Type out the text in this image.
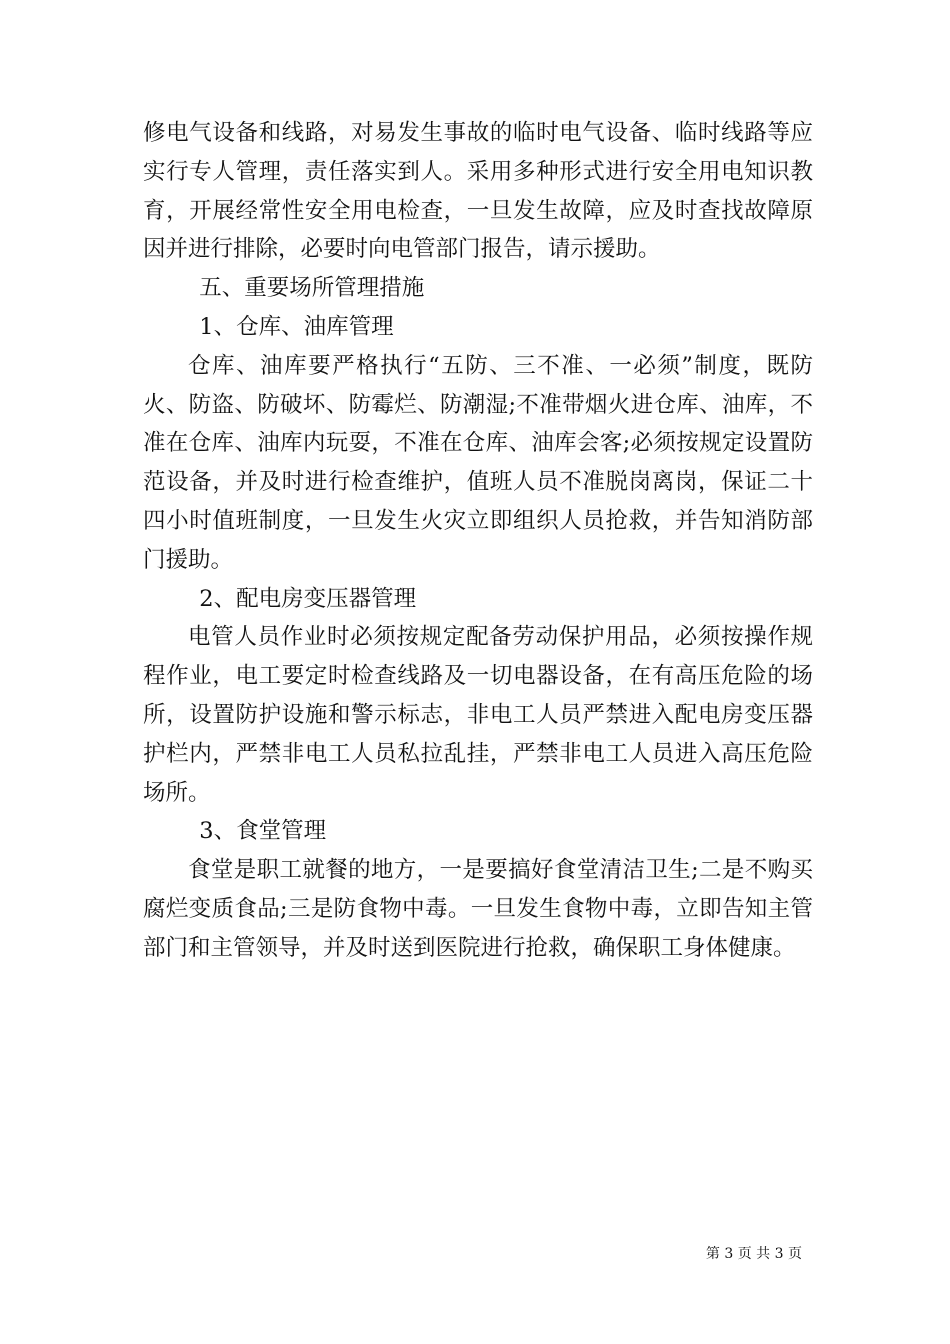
修电气设备和线路，对易发生事故的临时电气设备、临时线路等应实行专人管理，责任落实到人。采用多种形式进行安全用电知识教育，开展经常性安全用电检查，一旦发生故障，应及时查找故障原因并进行排除，必要时向电管部门报告，请示援助。

五、重要场所管理措施

1、仓库、油库管理

仓库、油库要严格执行“五防、三不准、一必须”制度，既防火、防盗、防破坏、防霉烂、防潮湿;不准带烟火进仓库、油库，不准在仓库、油库内玩耍，不准在仓库、油库会客;必须按规定设置防范设备，并及时进行检查维护，值班人员不准脱岗离岗，保证二十四小时值班制度，一旦发生火灾立即组织人员抢救，并告知消防部门援助。

2、配电房变压器管理

电管人员作业时必须按规定配备劳动保护用品，必须按操作规程作业，电工要定时检查线路及一切电器设备，在有高压危险的场所，设置防护设施和警示标志，非电工人员严禁进入配电房变压器护栏内，严禁非电工人员私拉乱挂，严禁非电工人员进入高压危险场所。

3、食堂管理

食堂是职工就餐的地方，一是要搞好食堂清洁卫生;二是不购买腐烂变质食品;三是防食物中毒。一旦发生食物中毒，立即告知主管部门和主管领导，并及时送到医院进行抢救，确保职工身体健康。

第 3 页 共 3 页
